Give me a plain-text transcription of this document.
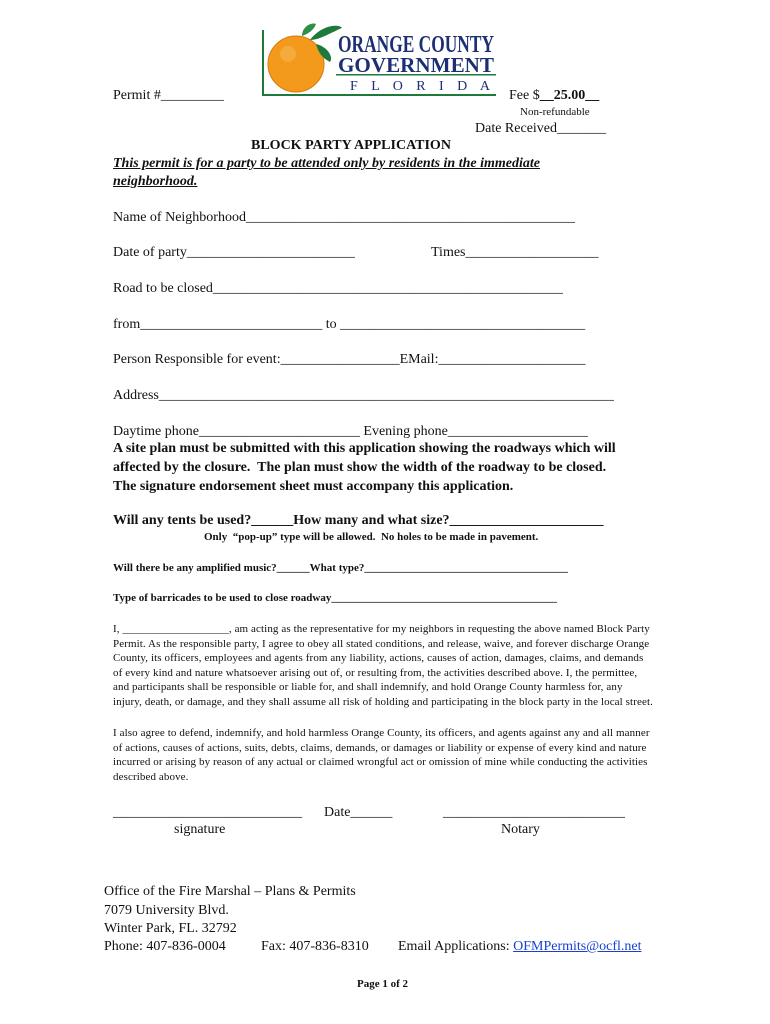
ORANGE COUNTY
GOVERNMENT
F L O R I D A
Permit #_________	Fee $__25.00__
Non-refundable
Date Received_______
BLOCK PARTY APPLICATION
This permit is for a party to be attended only by residents in the immediate
neighborhood.
Name of Neighborhood_______________________________________________
Date of party________________________	Times___________________
Road to be closed__________________________________________________
from__________________________ to ___________________________________
Person Responsible for event:_________________EMail:_____________________
Address_________________________________________________________________
Daytime phone_______________________ Evening phone____________________
A site plan must be submitted with this application showing the roadways which will
affected by the closure.  The plan must show the width of the roadway to be closed.
The signature endorsement sheet must accompany this application.
Will any tents be used?______How many and what size?______________________
Only  “pop-up” type will be allowed.  No holes to be made in pavement.
Will there be any amplified music?______What type?_____________________________________
Type of barricades to be used to close roadway_________________________________________
I, ___________________, am acting as the representative for my neighbors in requesting the above named Block Party Permit. As the responsible party, I agree to obey all stated conditions, and release, waive, and forever discharge Orange County, its officers, employees and agents from any liability, actions, causes of action, damages, claims, and demands of every kind and nature whatsoever arising out of, or resulting from, the activities described above. I, the permittee, and participants shall be responsible or liable for, and shall indemnify, and hold Orange County harmless for, any injury, death, or damage, and they shall assume all risk of holding and participating in the block party in the local street.
I also agree to defend, indemnify, and hold harmless Orange County, its officers, and agents against any and all manner of actions, causes of actions, suits, debts, claims, demands, or damages or liability or expense of every kind and nature incurred or arising by reason of any actual or claimed wrongful act or omission of mine while conducting the activities described above.
___________________________ Date______	__________________________
signature	Notary
Office of the Fire Marshal – Plans & Permits
7079 University Blvd.
Winter Park, FL. 32792
Phone: 407-836-0004	Fax: 407-836-8310 Email Applications: OFMPermits@ocfl.net
Page 1 of 2
